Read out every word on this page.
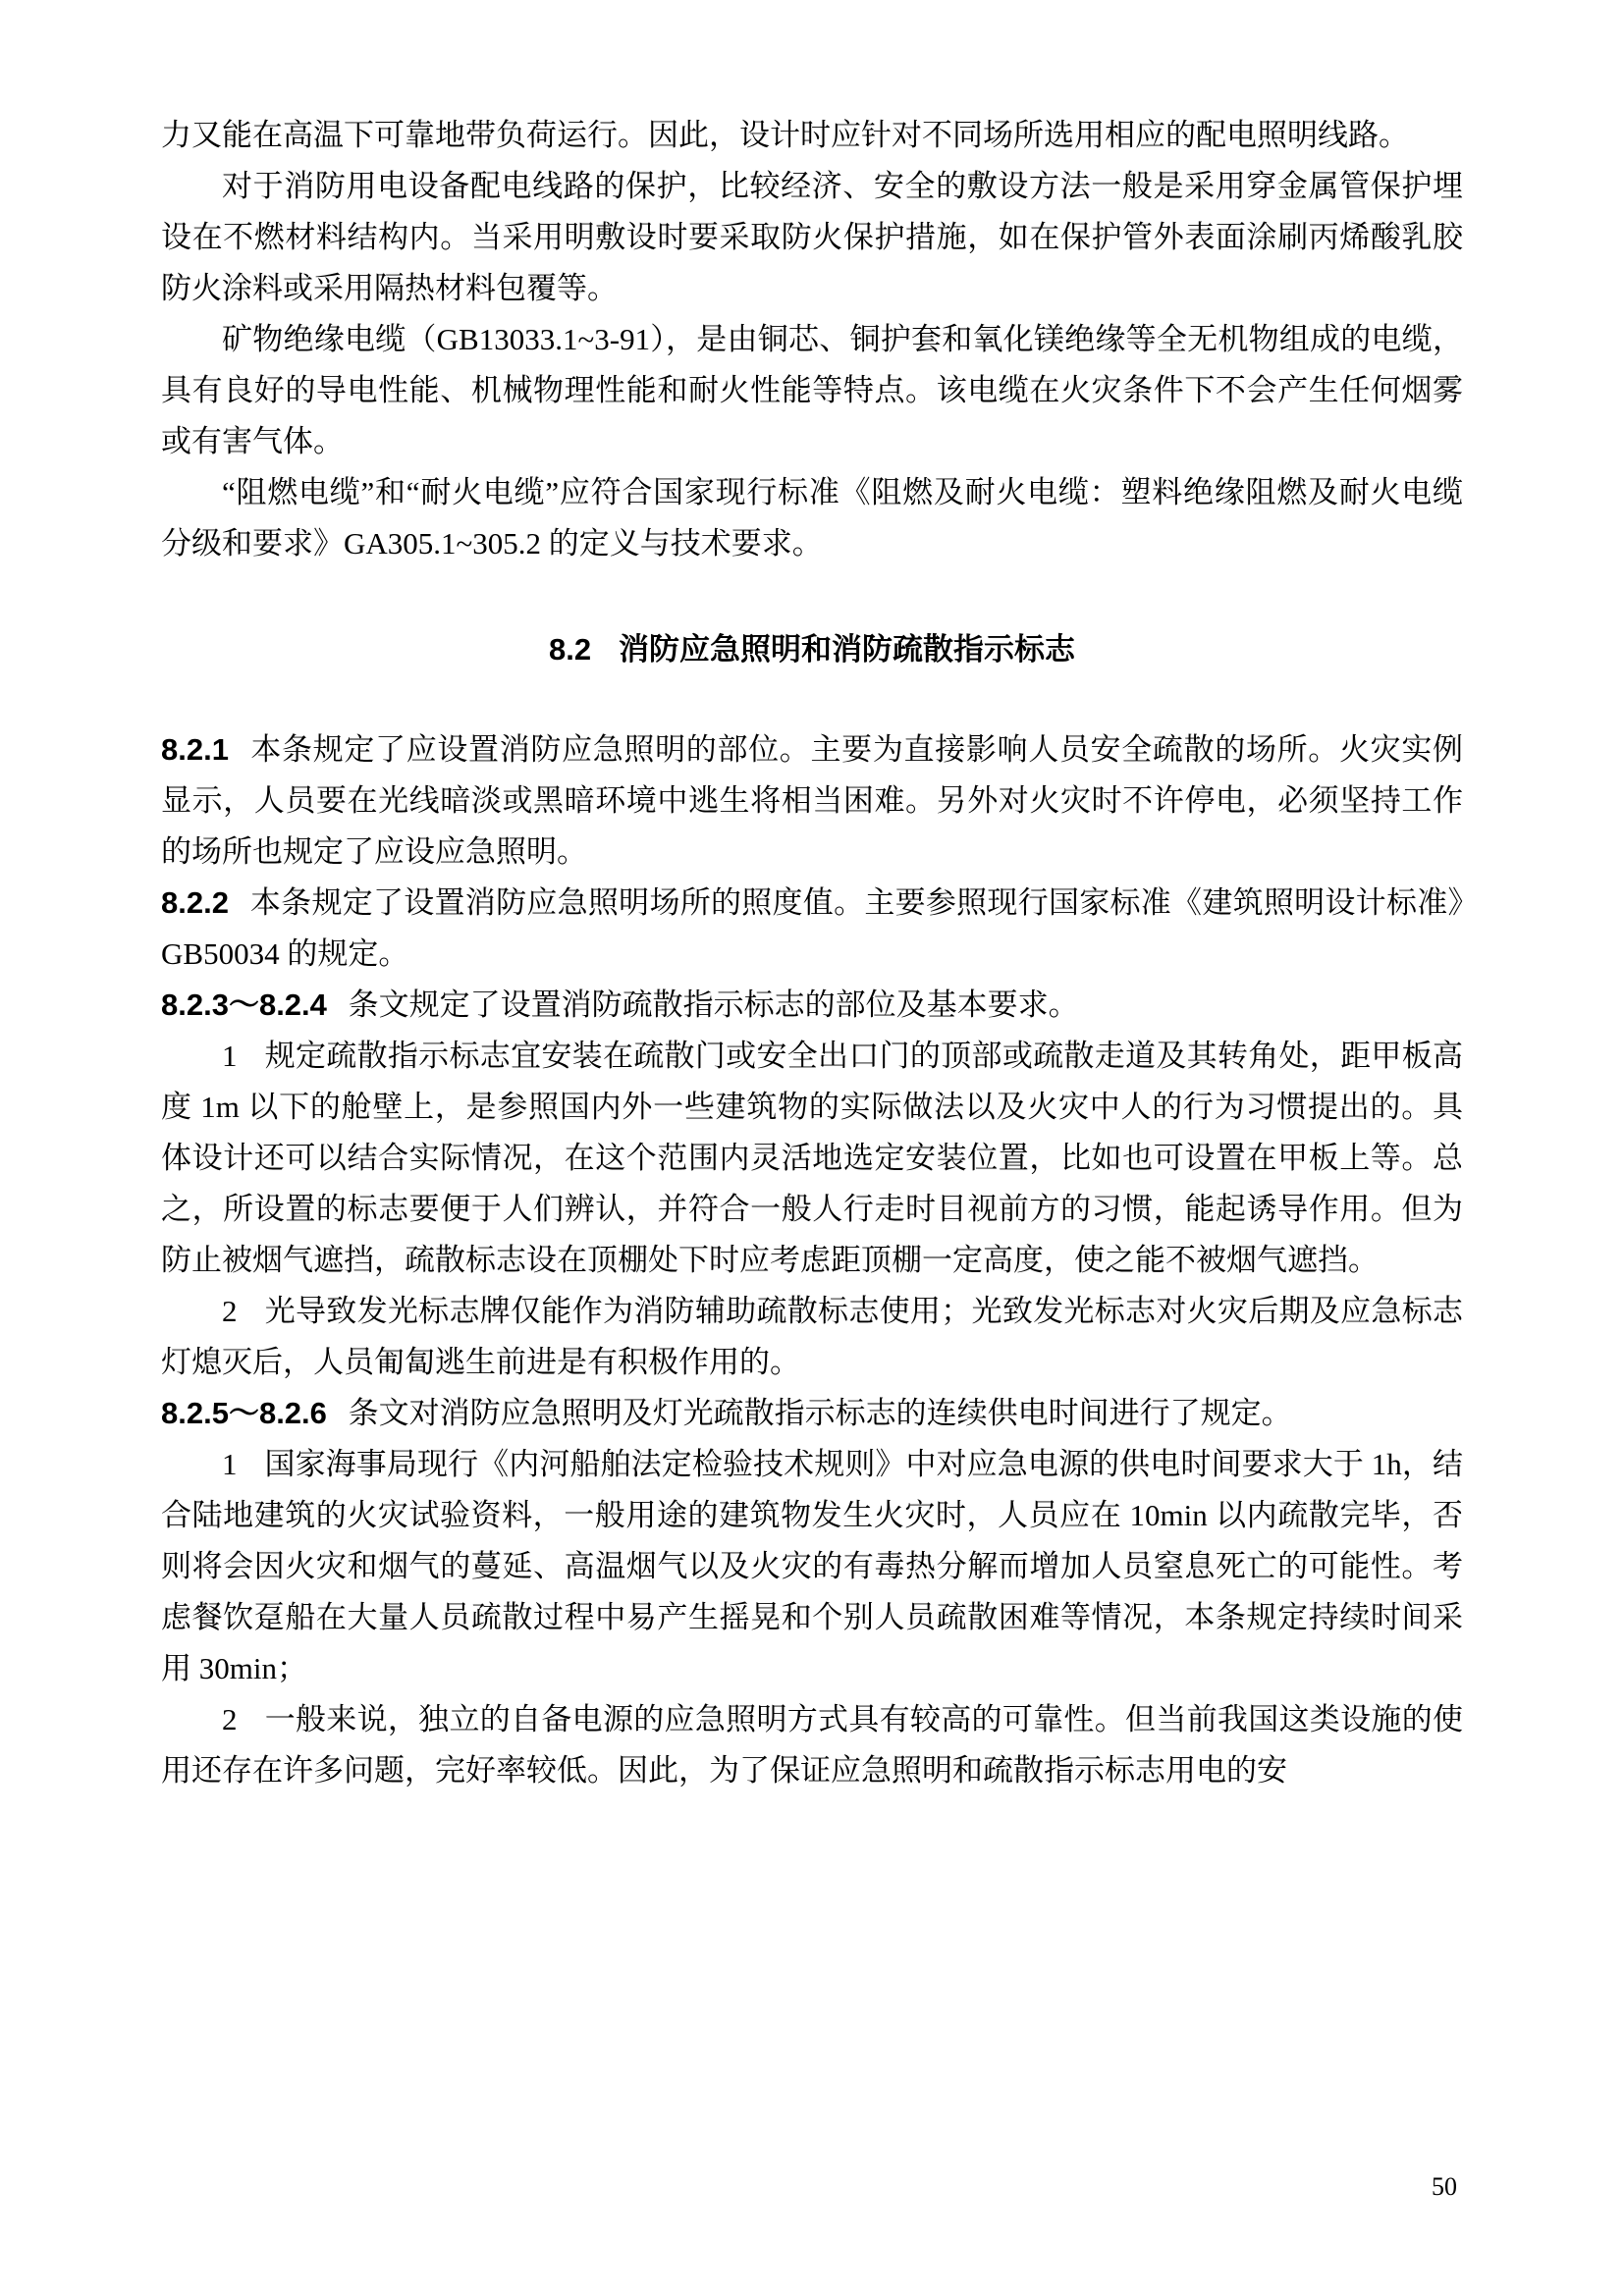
力又能在高温下可靠地带负荷运行。因此，设计时应针对不同场所选用相应的配电照明线路。

对于消防用电设备配电线路的保护，比较经济、安全的敷设方法一般是采用穿金属管保护埋设在不燃材料结构内。当采用明敷设时要采取防火保护措施，如在保护管外表面涂刷丙烯酸乳胶防火涂料或采用隔热材料包覆等。

矿物绝缘电缆（GB13033.1~3-91），是由铜芯、铜护套和氧化镁绝缘等全无机物组成的电缆，具有良好的导电性能、机械物理性能和耐火性能等特点。该电缆在火灾条件下不会产生任何烟雾或有害气体。

“阻燃电缆”和“耐火电缆”应符合国家现行标准《阻燃及耐火电缆：塑料绝缘阻燃及耐火电缆分级和要求》GA305.1~305.2 的定义与技术要求。

8.2 消防应急照明和消防疏散指示标志

8.2.1 本条规定了应设置消防应急照明的部位。主要为直接影响人员安全疏散的场所。火灾实例显示，人员要在光线暗淡或黑暗环境中逃生将相当困难。另外对火灾时不许停电，必须坚持工作的场所也规定了应设应急照明。

8.2.2 本条规定了设置消防应急照明场所的照度值。主要参照现行国家标准《建筑照明设计标准》GB50034 的规定。

8.2.3～8.2.4 条文规定了设置消防疏散指示标志的部位及基本要求。

1 规定疏散指示标志宜安装在疏散门或安全出口门的顶部或疏散走道及其转角处，距甲板高度 1m 以下的舱壁上，是参照国内外一些建筑物的实际做法以及火灾中人的行为习惯提出的。具体设计还可以结合实际情况，在这个范围内灵活地选定安装位置，比如也可设置在甲板上等。总之，所设置的标志要便于人们辨认，并符合一般人行走时目视前方的习惯，能起诱导作用。但为防止被烟气遮挡，疏散标志设在顶棚处下时应考虑距顶棚一定高度，使之能不被烟气遮挡。

2 光导致发光标志牌仅能作为消防辅助疏散标志使用；光致发光标志对火灾后期及应急标志灯熄灭后，人员匍匐逃生前进是有积极作用的。

8.2.5～8.2.6 条文对消防应急照明及灯光疏散指示标志的连续供电时间进行了规定。

1 国家海事局现行《内河船舶法定检验技术规则》中对应急电源的供电时间要求大于 1h，结合陆地建筑的火灾试验资料，一般用途的建筑物发生火灾时，人员应在 10min 以内疏散完毕，否则将会因火灾和烟气的蔓延、高温烟气以及火灾的有毒热分解而增加人员窒息死亡的可能性。考虑餐饮趸船在大量人员疏散过程中易产生摇晃和个别人员疏散困难等情况，本条规定持续时间采用 30min；

2 一般来说，独立的自备电源的应急照明方式具有较高的可靠性。但当前我国这类设施的使用还存在许多问题，完好率较低。因此，为了保证应急照明和疏散指示标志用电的安

50
